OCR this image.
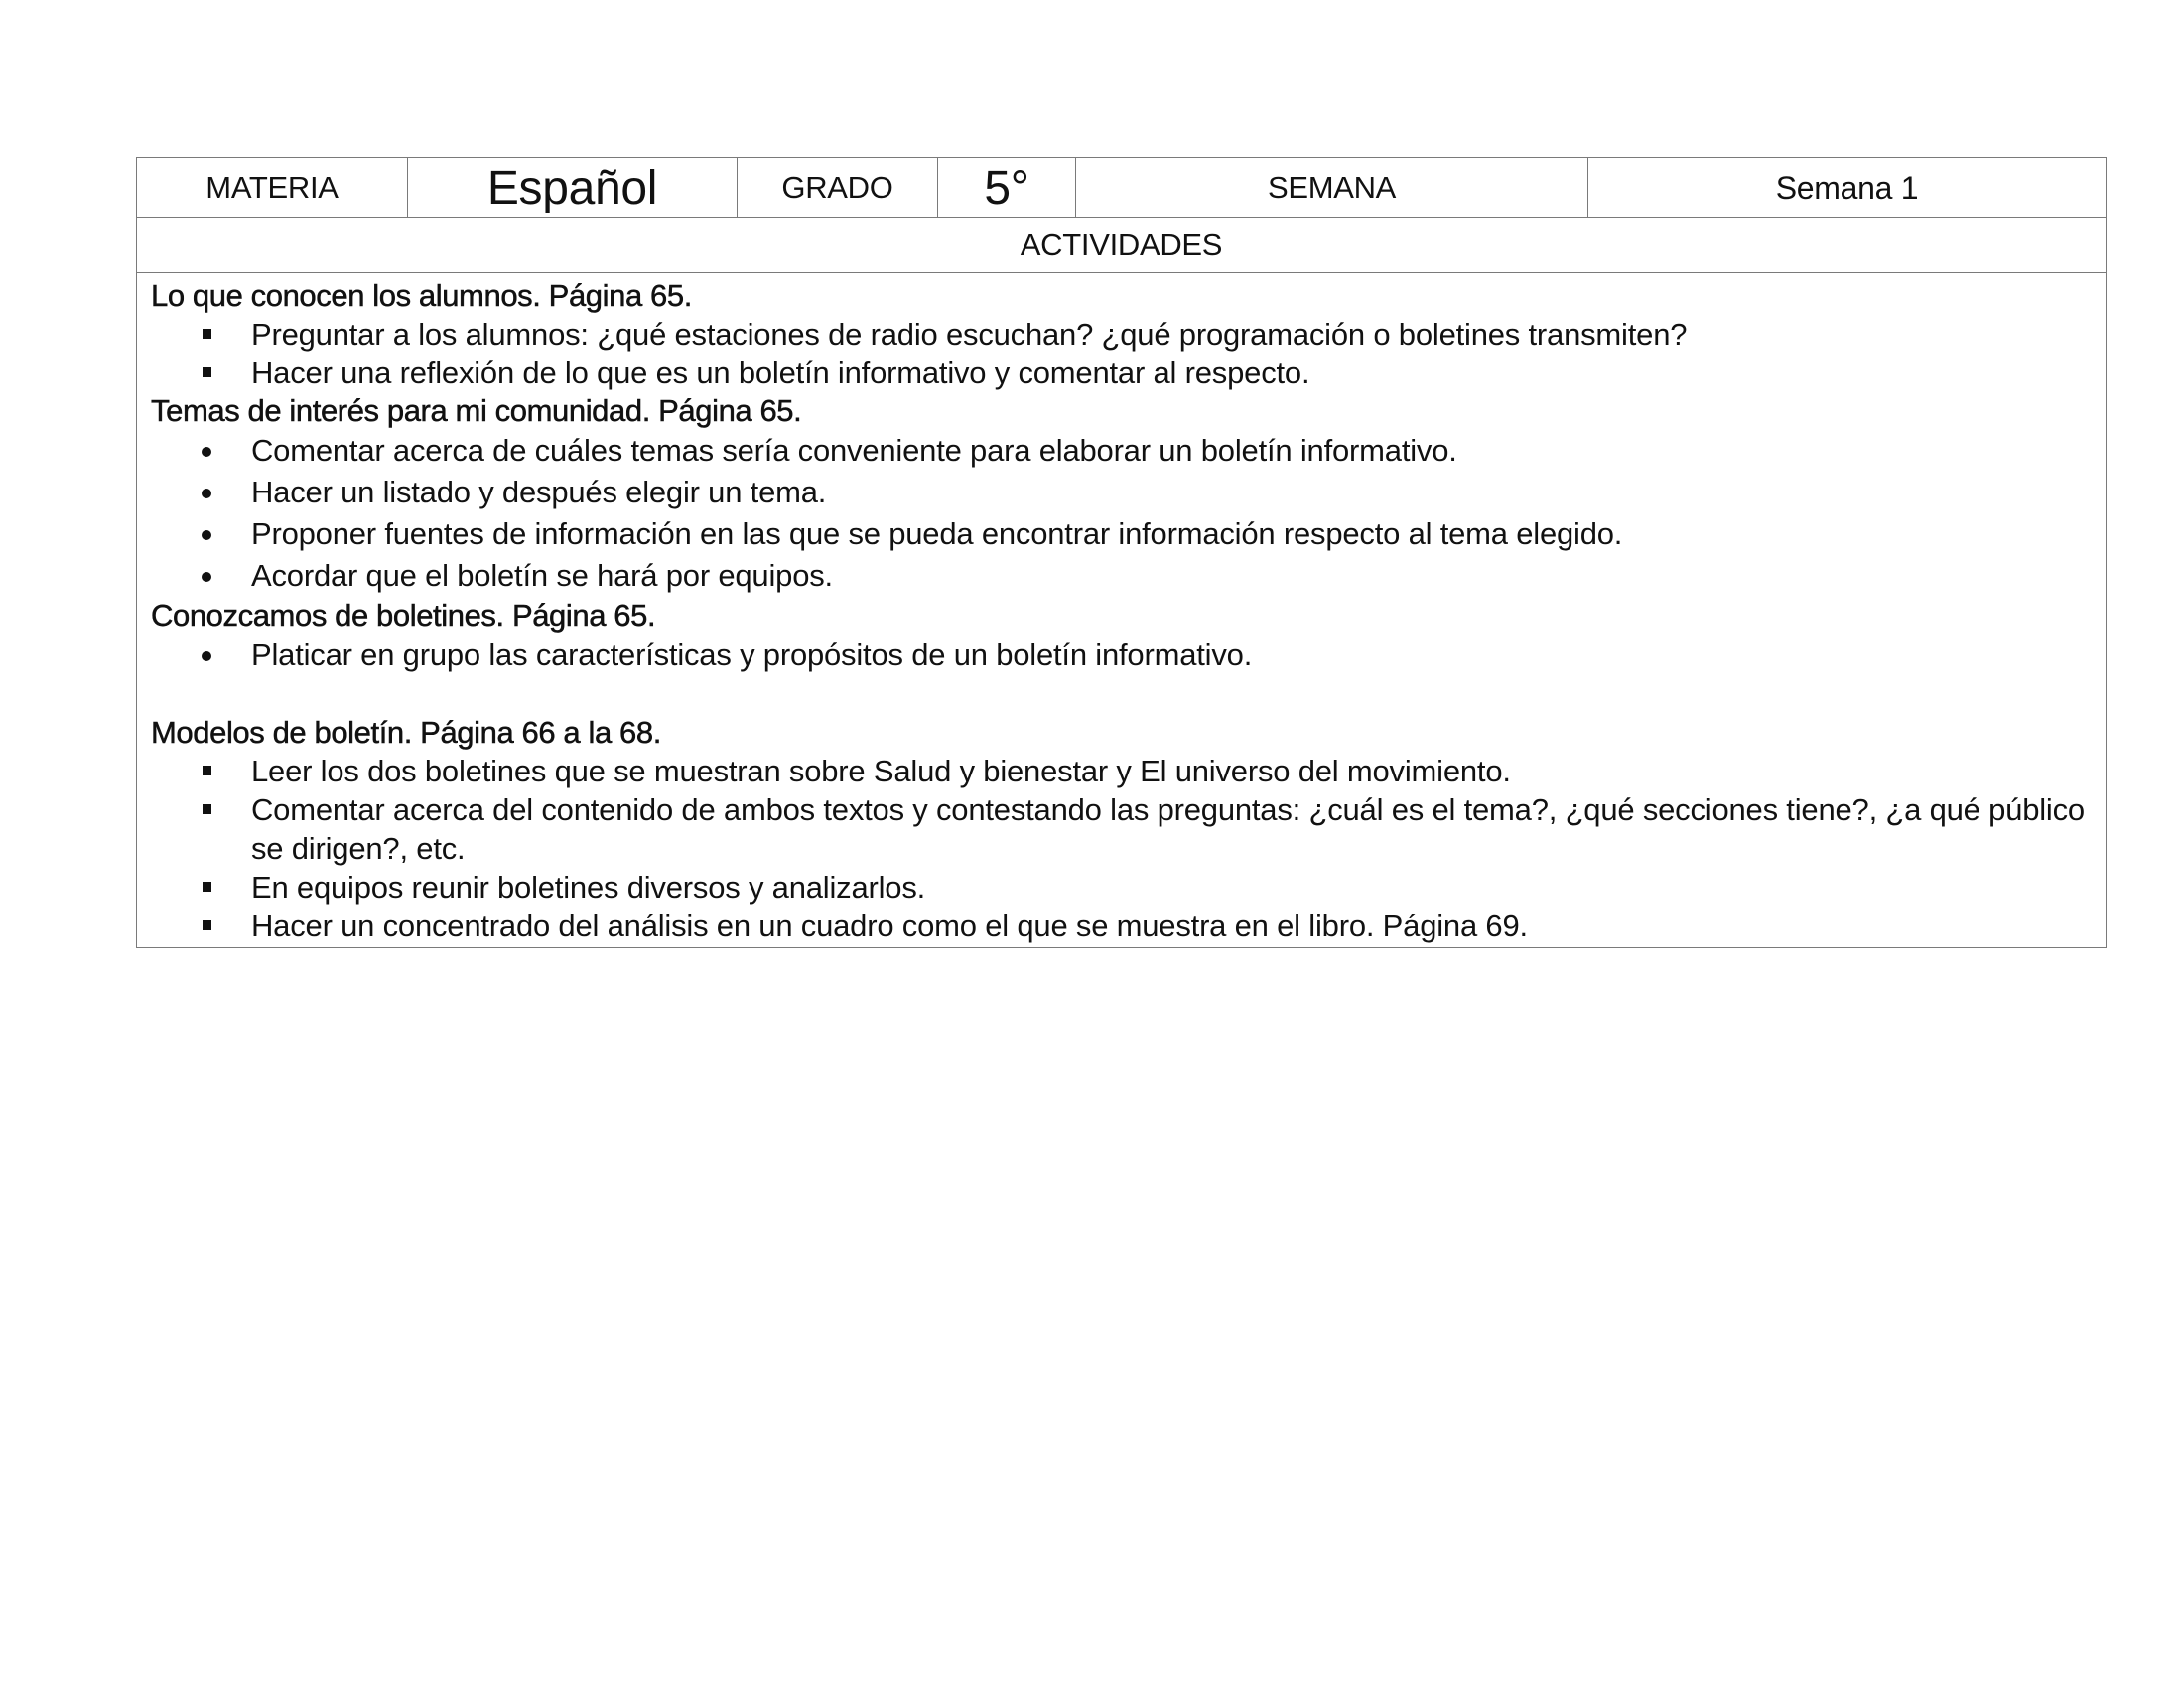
MATERIA	Español	GRADO	5°	SEMANA	Semana 1
ACTIVIDADES
Lo que conocen los alumnos. Página 65.
Preguntar a los alumnos: ¿qué estaciones de radio escuchan? ¿qué programación o boletines transmiten?
Hacer una reflexión de lo que es un boletín informativo y comentar al respecto.
Temas de interés para mi comunidad. Página 65.
Comentar acerca de cuáles temas sería conveniente para elaborar un boletín informativo.
Hacer un listado y después elegir un tema.
Proponer fuentes de información en las que se pueda encontrar información respecto al tema elegido.
Acordar que el boletín se hará por equipos.
Conozcamos de boletines. Página 65.
Platicar en grupo las características y propósitos de un boletín informativo.
Modelos de boletín. Página 66 a la 68.
Leer los dos boletines que se muestran sobre Salud y bienestar y El universo del movimiento.
Comentar acerca del contenido de ambos textos y contestando las preguntas: ¿cuál es el tema?, ¿qué secciones tiene?, ¿a qué público se dirigen?, etc.
En equipos reunir boletines diversos y analizarlos.
Hacer un concentrado del análisis en un cuadro como el que se muestra en el libro. Página 69.
